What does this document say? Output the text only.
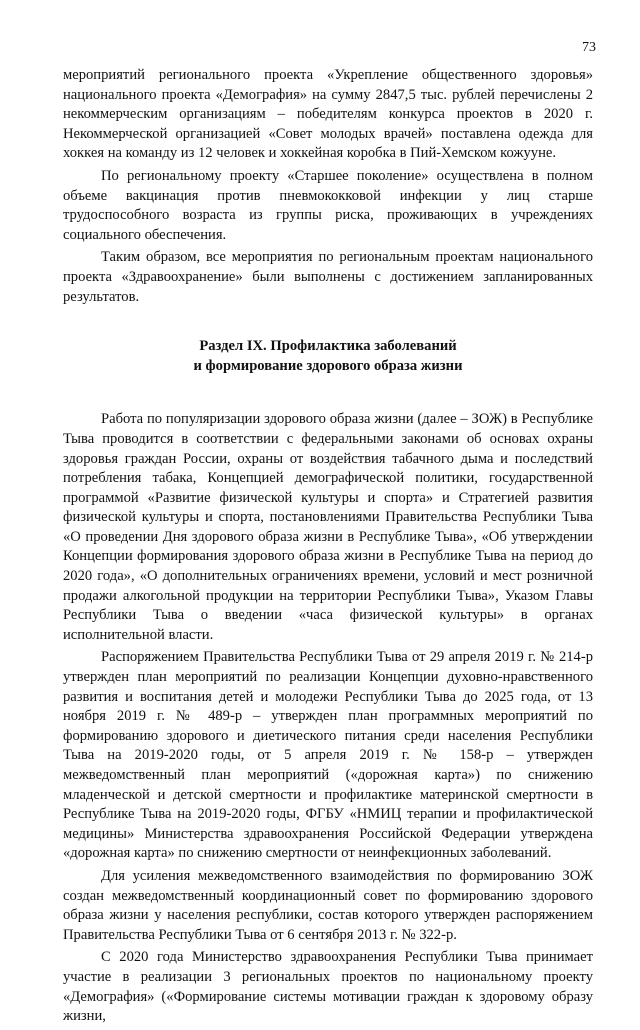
73

мероприятий регионального проекта «Укрепление общественного здоровья» национального проекта «Демография» на сумму 2847,5 тыс. рублей перечислены 2 некоммерческим организациям – победителям конкурса проектов в 2020 г. Некоммерческой организацией «Совет молодых врачей» поставлена одежда для хоккея на команду из 12 человек и хоккейная коробка в Пий-Хемском кожууне.

По региональному проекту «Старшее поколение» осуществлена в полном объеме вакцинация против пневмококковой инфекции у лиц старше трудоспособного возраста из группы риска, проживающих в учреждениях социального обеспечения.

Таким образом, все мероприятия по региональным проектам национального проекта «Здравоохранение» были выполнены с достижением запланированных результатов.

Раздел IX. Профилактика заболеваний
и формирование здорового образа жизни

Работа по популяризации здорового образа жизни (далее – ЗОЖ) в Республике Тыва проводится в соответствии с федеральными законами об основах охраны здоровья граждан России, охраны от воздействия табачного дыма и последствий потребления табака, Концепцией демографической политики, государственной программой «Развитие физической культуры и спорта» и Стратегией развития физической культуры и спорта, постановлениями Правительства Республики Тыва «О проведении Дня здорового образа жизни в Республике Тыва», «Об утверждении Концепции формирования здорового образа жизни в Республике Тыва на период до 2020 года», «О дополнительных ограничениях времени, условий и мест розничной продажи алкогольной продукции на территории Республики Тыва», Указом Главы Республики Тыва о введении «часа физической культуры» в органах исполнительной власти.

Распоряжением Правительства Республики Тыва от 29 апреля 2019 г. № 214-р утвержден план мероприятий по реализации Концепции духовно-нравственного развития и воспитания детей и молодежи Республики Тыва до 2025 года, от 13 ноября 2019 г. № 489-р – утвержден план программных мероприятий по формированию здорового и диетического питания среди населения Республики Тыва на 2019-2020 годы, от 5 апреля 2019 г. № 158-р – утвержден межведомственный план мероприятий («дорожная карта») по снижению младенческой и детской смертности и профилактике материнской смертности в Республике Тыва на 2019-2020 годы, ФГБУ «НМИЦ терапии и профилактической медицины» Министерства здравоохранения Российской Федерации утверждена «дорожная карта» по снижению смертности от неинфекционных заболеваний.

Для усиления межведомственного взаимодействия по формированию ЗОЖ создан межведомственный координационный совет по формированию здорового образа жизни у населения республики, состав которого утвержден распоряжением Правительства Республики Тыва от 6 сентября 2013 г. № 322-р.

С 2020 года Министерство здравоохранения Республики Тыва принимает участие в реализации 3 региональных проектов по национальному проекту «Демография» («Формирование системы мотивации граждан к здоровому образу жизни,
